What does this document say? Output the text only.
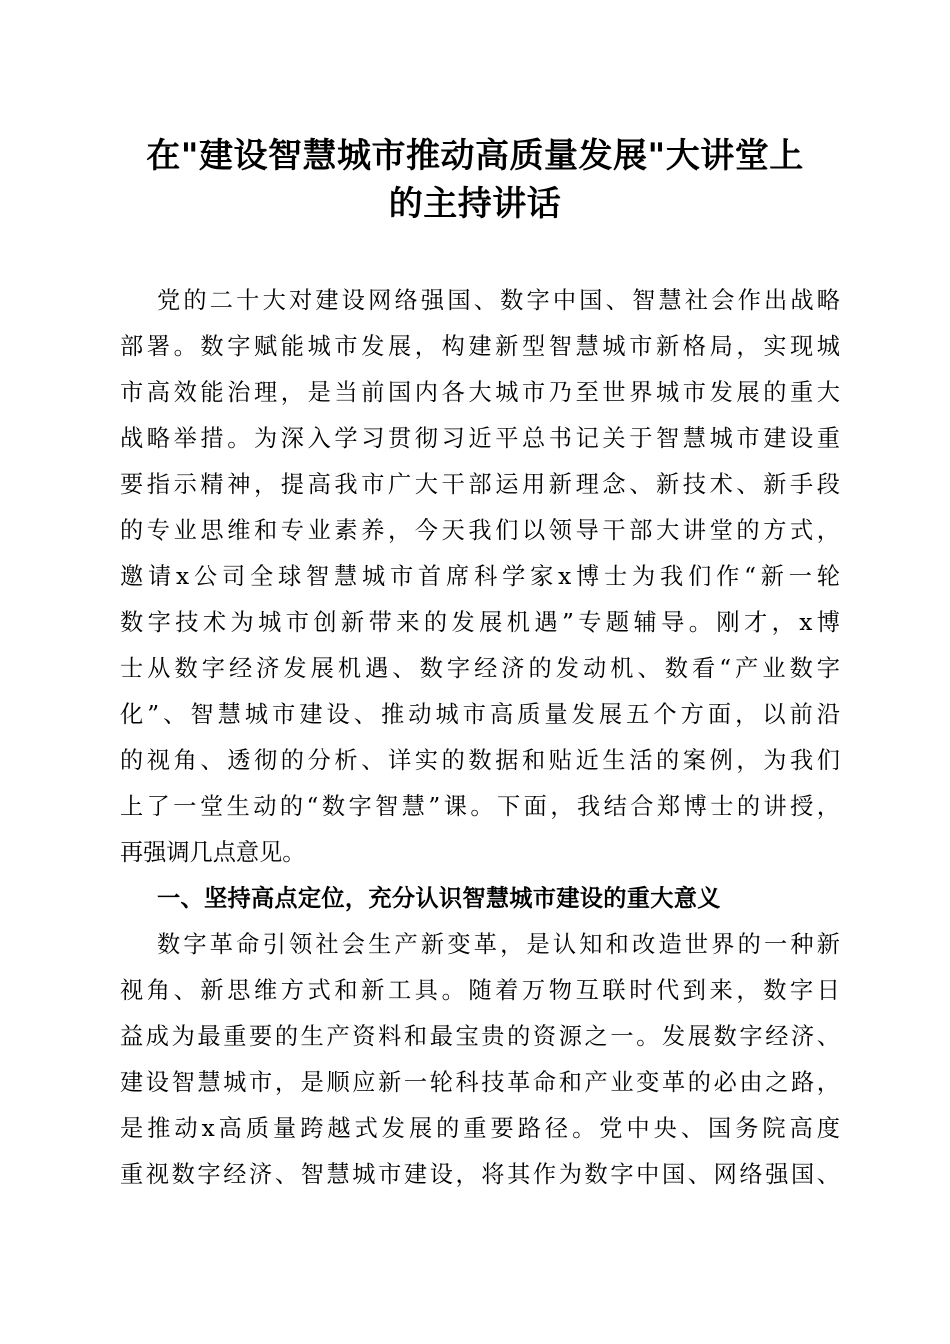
在"建设智慧城市推动高质量发展"大讲堂上
的主持讲话
党的二十大对建设网络强国、数字中国、智慧社会作出战略
部署。数字赋能城市发展，构建新型智慧城市新格局，实现城
市高效能治理，是当前国内各大城市乃至世界城市发展的重大
战略举措。为深入学习贯彻习近平总书记关于智慧城市建设重
要指示精神，提高我市广大干部运用新理念、新技术、新手段
的专业思维和专业素养，今天我们以领导干部大讲堂的方式，
邀请x公司全球智慧城市首席科学家x博士为我们作“新一轮
数字技术为城市创新带来的发展机遇”专题辅导。刚才，x博
士从数字经济发展机遇、数字经济的发动机、数看“产业数字
化”、智慧城市建设、推动城市高质量发展五个方面，以前沿
的视角、透彻的分析、详实的数据和贴近生活的案例，为我们
上了一堂生动的“数字智慧”课。下面，我结合郑博士的讲授，
再强调几点意见。
一、坚持高点定位，充分认识智慧城市建设的重大意义
数字革命引领社会生产新变革，是认知和改造世界的一种新
视角、新思维方式和新工具。随着万物互联时代到来，数字日
益成为最重要的生产资料和最宝贵的资源之一。发展数字经济、
建设智慧城市，是顺应新一轮科技革命和产业变革的必由之路，
是推动x高质量跨越式发展的重要路径。党中央、国务院高度
重视数字经济、智慧城市建设，将其作为数字中国、网络强国、
